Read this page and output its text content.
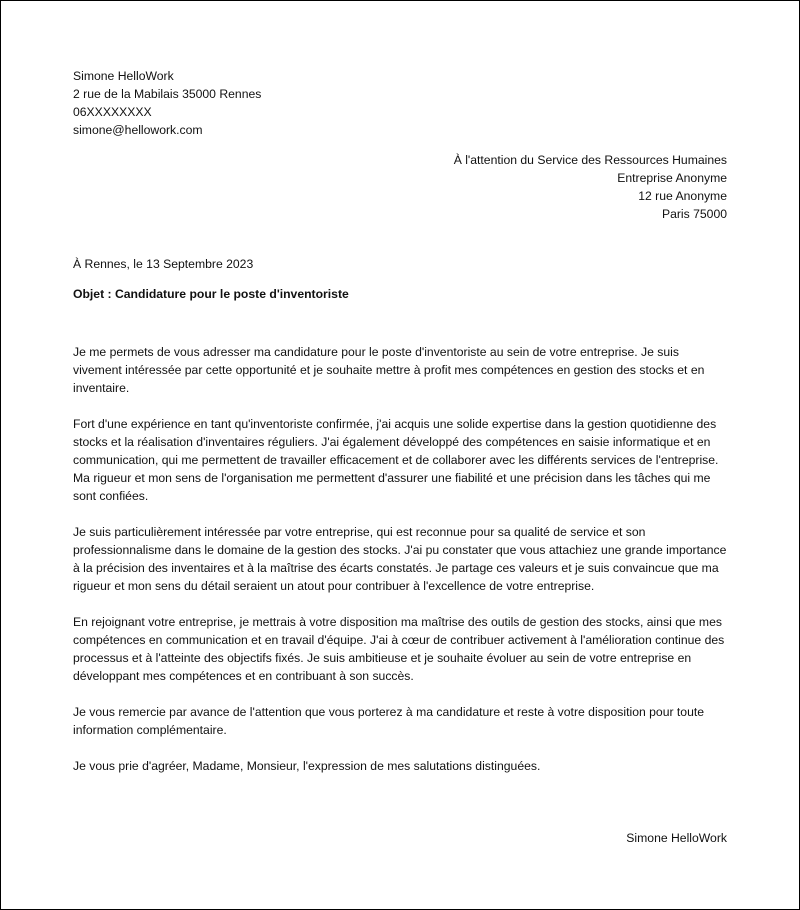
Simone HelloWork
2 rue de la Mabilais 35000 Rennes
06XXXXXXXX
simone@hellowork.com
À l'attention du Service des Ressources Humaines
Entreprise Anonyme
12 rue Anonyme
Paris 75000
À Rennes, le 13 Septembre 2023
Objet : Candidature pour le poste d'inventoriste

Je me permets de vous adresser ma candidature pour le poste d'inventoriste au sein de votre entreprise. Je suis vivement intéressée par cette opportunité et je souhaite mettre à profit mes compétences en gestion des stocks et en inventaire.

Fort d'une expérience en tant qu'inventoriste confirmée, j'ai acquis une solide expertise dans la gestion quotidienne des stocks et la réalisation d'inventaires réguliers. J'ai également développé des compétences en saisie informatique et en communication, qui me permettent de travailler efficacement et de collaborer avec les différents services de l'entreprise. Ma rigueur et mon sens de l'organisation me permettent d'assurer une fiabilité et une précision dans les tâches qui me sont confiées.

Je suis particulièrement intéressée par votre entreprise, qui est reconnue pour sa qualité de service et son professionnalisme dans le domaine de la gestion des stocks. J'ai pu constater que vous attachiez une grande importance à la précision des inventaires et à la maîtrise des écarts constatés. Je partage ces valeurs et je suis convaincue que ma rigueur et mon sens du détail seraient un atout pour contribuer à l'excellence de votre entreprise.

En rejoignant votre entreprise, je mettrais à votre disposition ma maîtrise des outils de gestion des stocks, ainsi que mes compétences en communication et en travail d'équipe. J'ai à cœur de contribuer activement à l'amélioration continue des processus et à l'atteinte des objectifs fixés. Je suis ambitieuse et je souhaite évoluer au sein de votre entreprise en développant mes compétences et en contribuant à son succès.

Je vous remercie par avance de l'attention que vous porterez à ma candidature et reste à votre disposition pour toute information complémentaire.

Je vous prie d'agréer, Madame, Monsieur, l'expression de mes salutations distinguées.

Simone HelloWork
